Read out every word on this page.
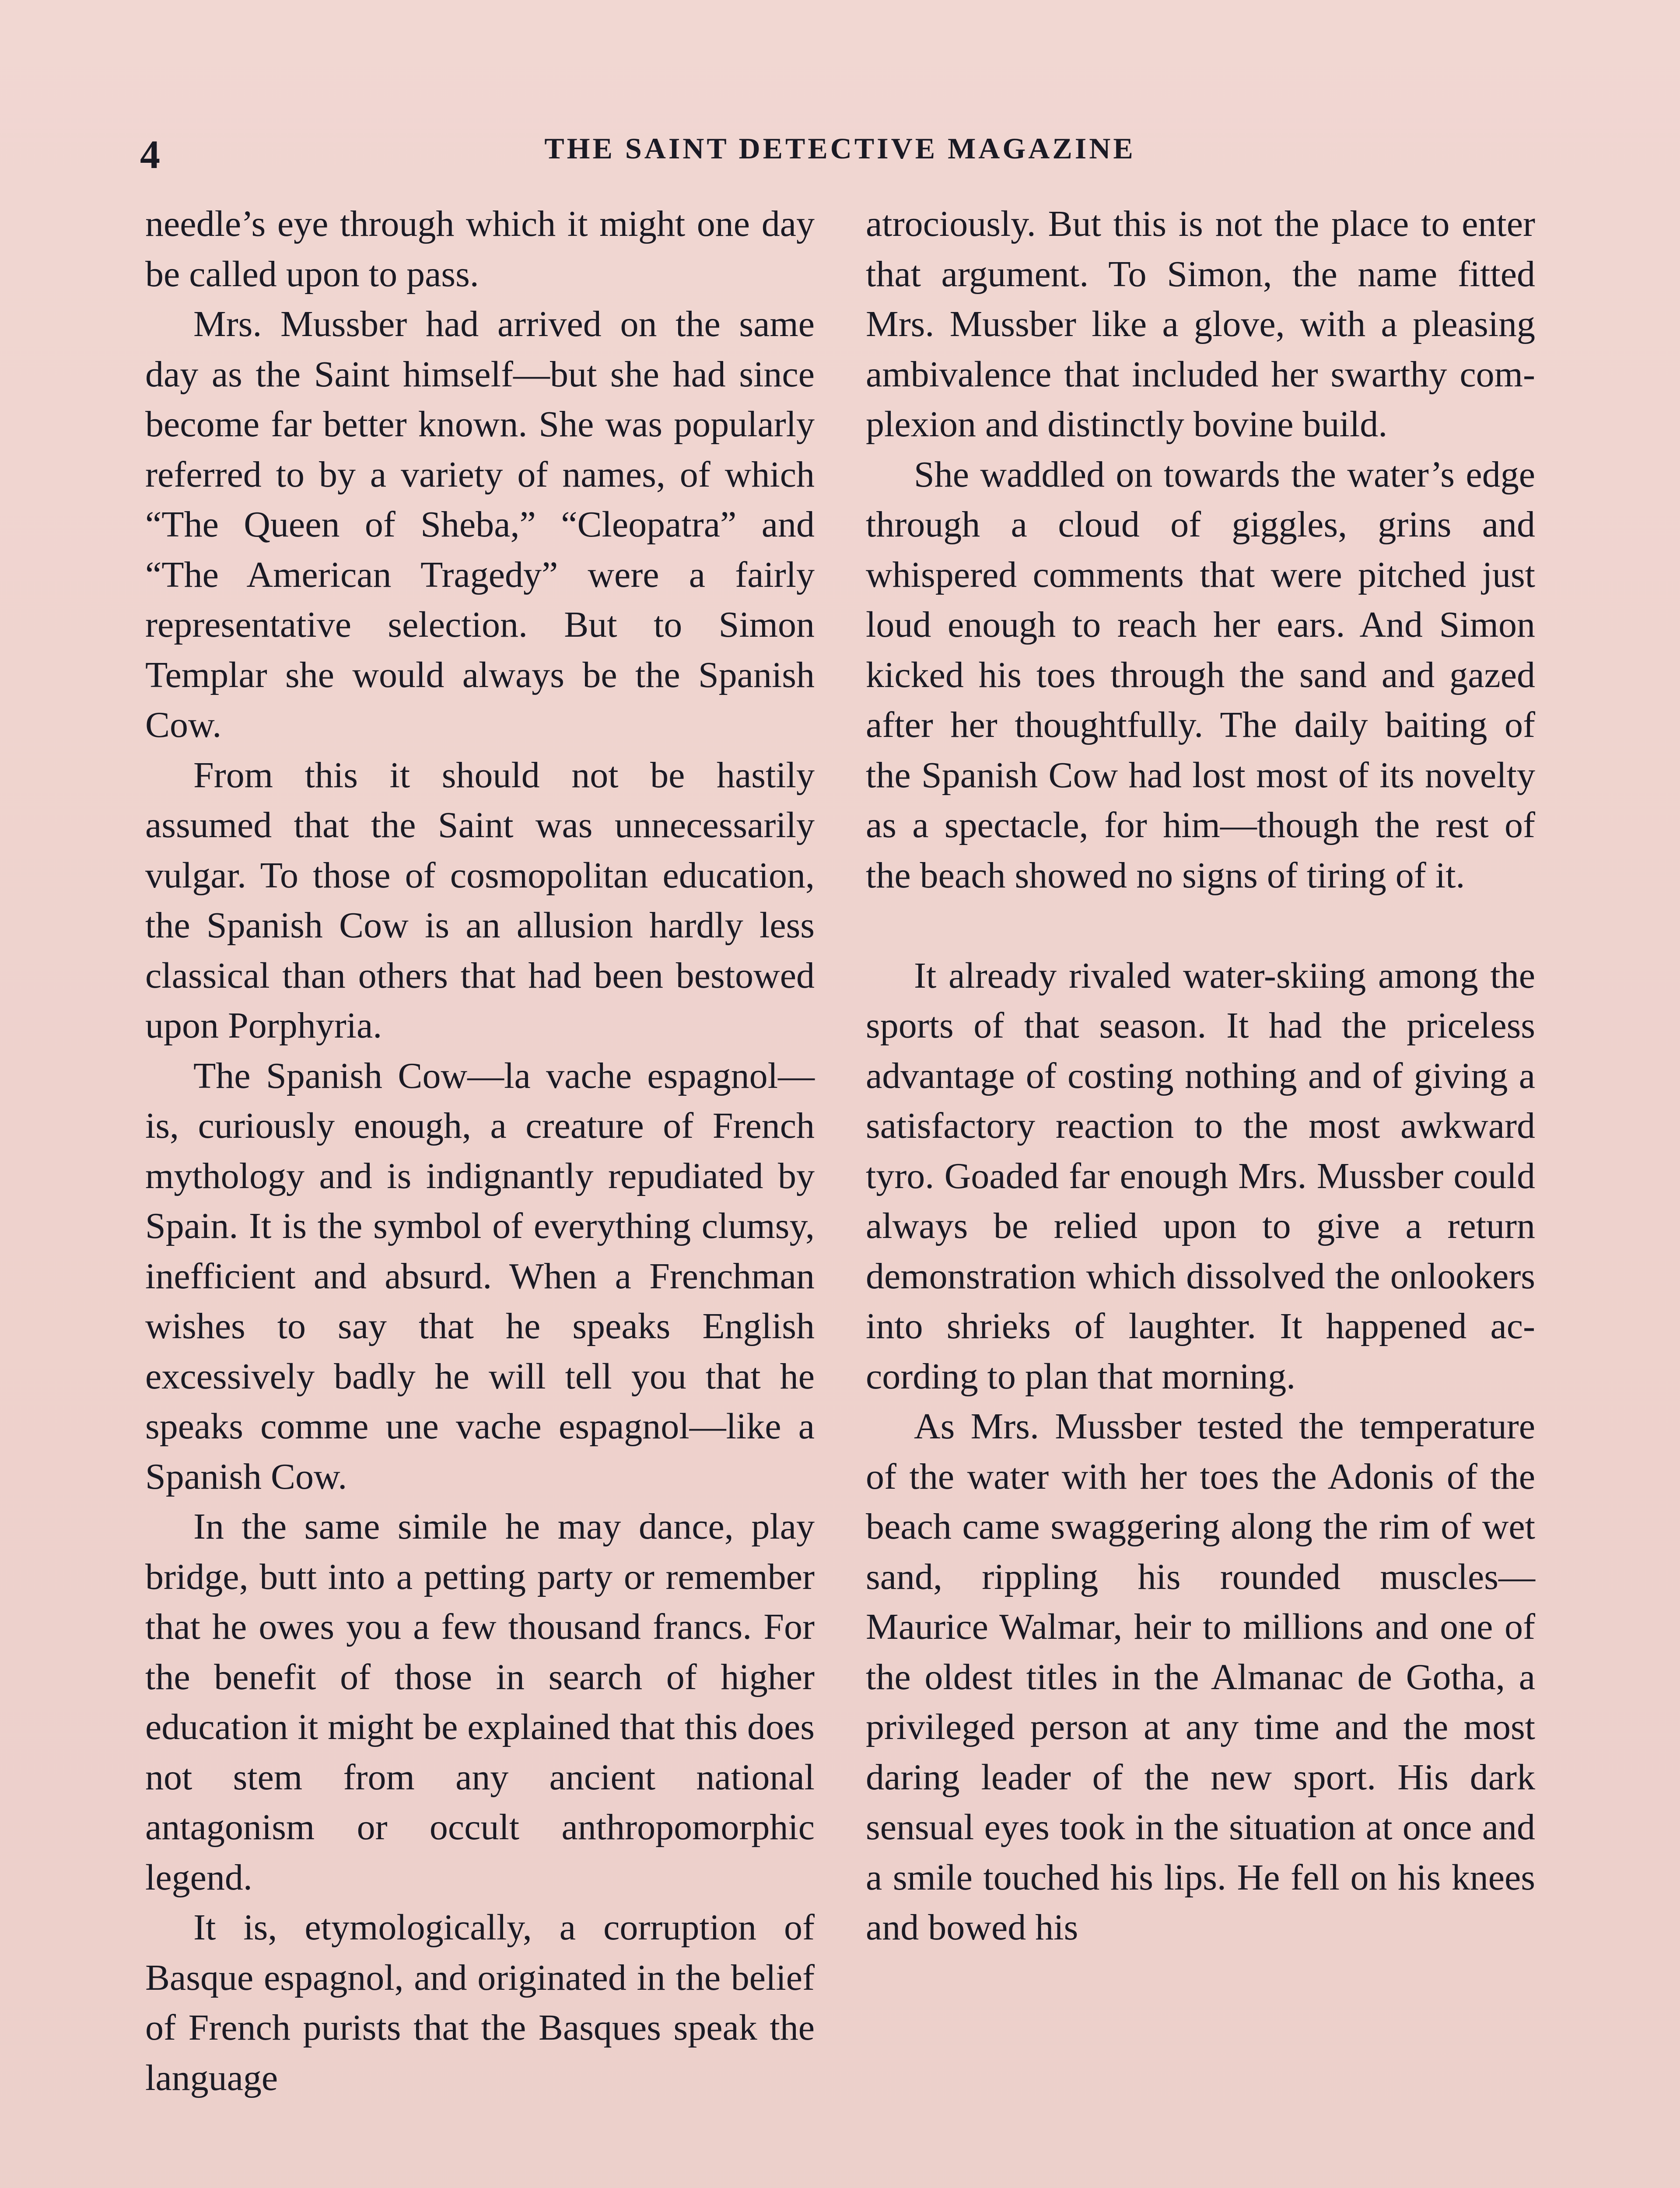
4	THE SAINT DETECTIVE MAGAZINE

needle’s eye through which it might one day be called upon to pass.

Mrs. Mussber had arrived on the same day as the Saint himself—but she had since become far better known. She was popularly referred to by a variety of names, of which “The Queen of Sheba,” “Cleopatra” and “The American Tragedy” were a fairly representative selection. But to Simon Templar she would always be the Spanish Cow.

From this it should not be hastily assumed that the Saint was unnecessarily vulgar. To those of cosmopolitan education, the Spanish Cow is an allusion hardly less classical than others that had been bestowed upon Porphyria.

The Spanish Cow—la vache espagnol—is, curiously enough, a creature of French mythology and is indignantly repudiated by Spain. It is the symbol of everything clumsy, inefficient and absurd. When a Frenchman wishes to say that he speaks English excessively badly he will tell you that he speaks comme une vache espagnol—like a Spanish Cow.

In the same simile he may dance, play bridge, butt into a petting party or remember that he owes you a few thousand francs. For the benefit of those in search of higher education it might be explained that this does not stem from any ancient national antagonism or occult anthropomorphic legend.

It is, etymologically, a corruption of Basque espagnol, and originated in the belief of French purists that the Basques speak the language

atrociously. But this is not the place to enter that argument. To Simon, the name fitted Mrs. Mussber like a glove, with a pleasing ambivalence that included her swarthy complexion and distinctly bovine build.

She waddled on towards the water’s edge through a cloud of giggles, grins and whispered comments that were pitched just loud enough to reach her ears. And Simon kicked his toes through the sand and gazed after her thoughtfully. The daily baiting of the Spanish Cow had lost most of its novelty as a spectacle, for him—though the rest of the beach showed no signs of tiring of it.

It already rivaled water-skiing among the sports of that season. It had the priceless advantage of costing nothing and of giving a satisfactory reaction to the most awkward tyro. Goaded far enough Mrs. Mussber could always be relied upon to give a return demonstration which dissolved the onlookers into shrieks of laughter. It happened according to plan that morning.

As Mrs. Mussber tested the temperature of the water with her toes the Adonis of the beach came swaggering along the rim of wet sand, rippling his rounded muscles—Maurice Walmar, heir to millions and one of the oldest titles in the Almanac de Gotha, a privileged person at any time and the most daring leader of the new sport. His dark sensual eyes took in the situation at once and a smile touched his lips. He fell on his knees and bowed his
